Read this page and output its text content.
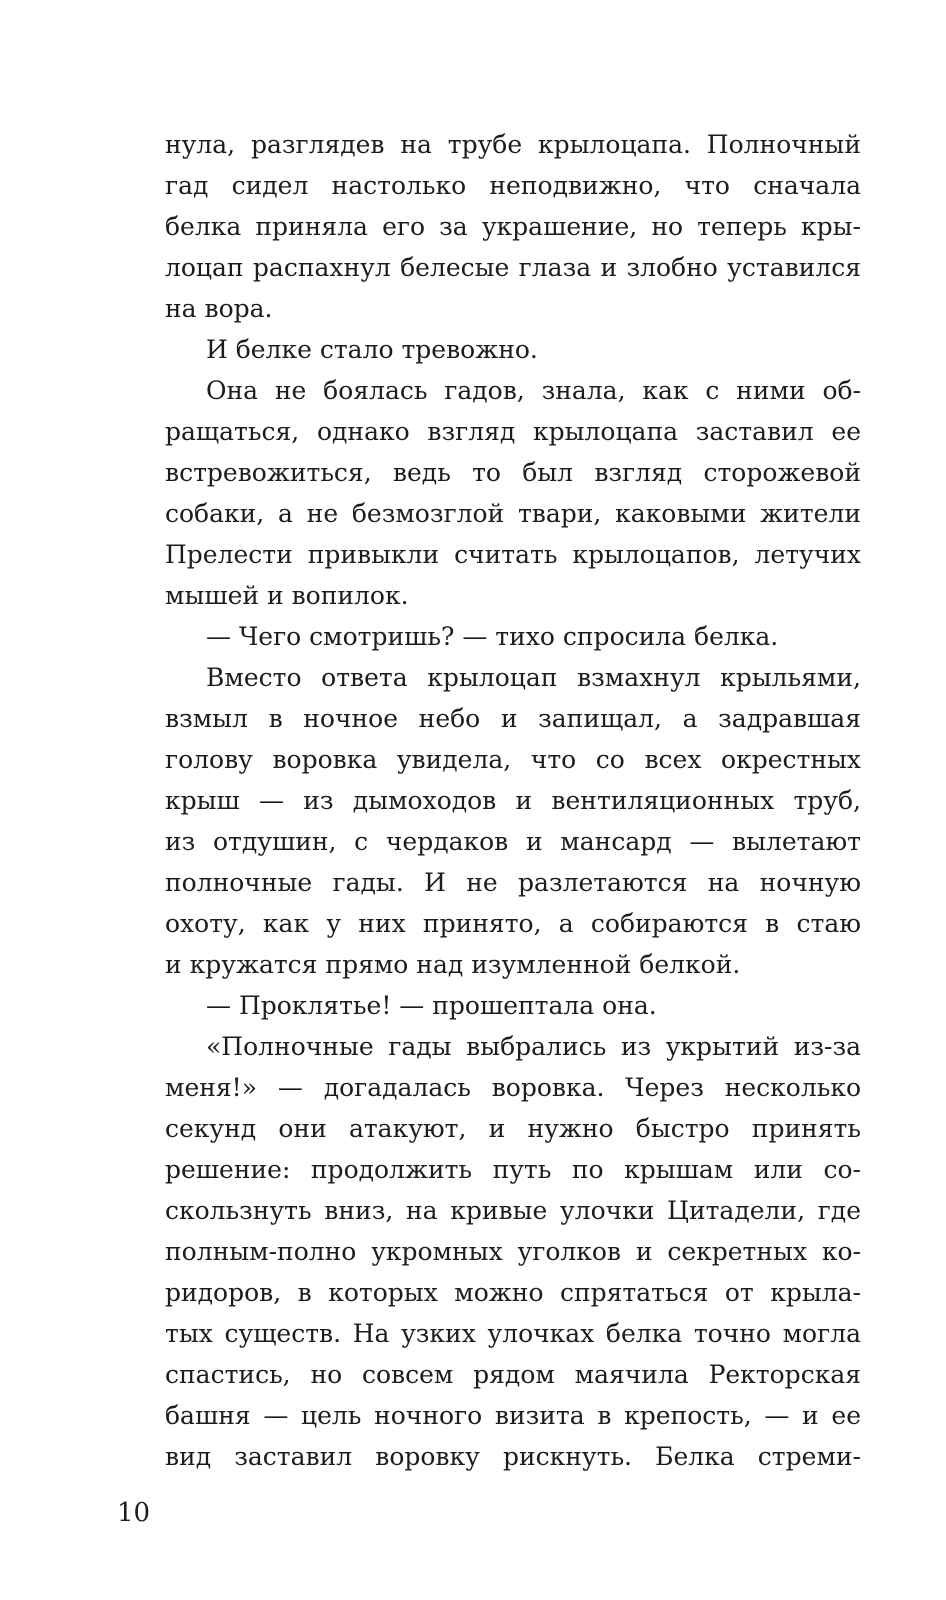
нула, разглядев на трубе крылоцапа. Полночный
гад сидел настолько неподвижно, что сначала
белка приняла его за украшение, но теперь кры-
лоцап распахнул белесые глаза и злобно уставился
на вора.
И белке стало тревожно.
Она не боялась гадов, знала, как с ними об-
ращаться, однако взгляд крылоцапа заставил ее
встревожиться, ведь то был взгляд сторожевой
собаки, а не безмозглой твари, каковыми жители
Прелести привыкли считать крылоцапов, летучих
мышей и вопилок.
— Чего смотришь? — тихо спросила белка.
Вместо ответа крылоцап взмахнул крыльями,
взмыл в ночное небо и запищал, а задравшая
голову воровка увидела, что со всех окрестных
крыш — из дымоходов и вентиляционных труб,
из отдушин, с чердаков и мансард — вылетают
полночные гады. И не разлетаются на ночную
охоту, как у них принято, а собираются в стаю
и кружатся прямо над изумленной белкой.
— Проклятье! — прошептала она.
«Полночные гады выбрались из укрытий из-за
меня!» — догадалась воровка. Через несколько
секунд они атакуют, и нужно быстро принять
решение: продолжить путь по крышам или со-
скользнуть вниз, на кривые улочки Цитадели, где
полным-полно укромных уголков и секретных ко-
ридоров, в которых можно спрятаться от крыла-
тых существ. На узких улочках белка точно могла
спастись, но совсем рядом маячила Ректорская
башня — цель ночного визита в крепость, — и ее
вид заставил воровку рискнуть. Белка стреми-
10
